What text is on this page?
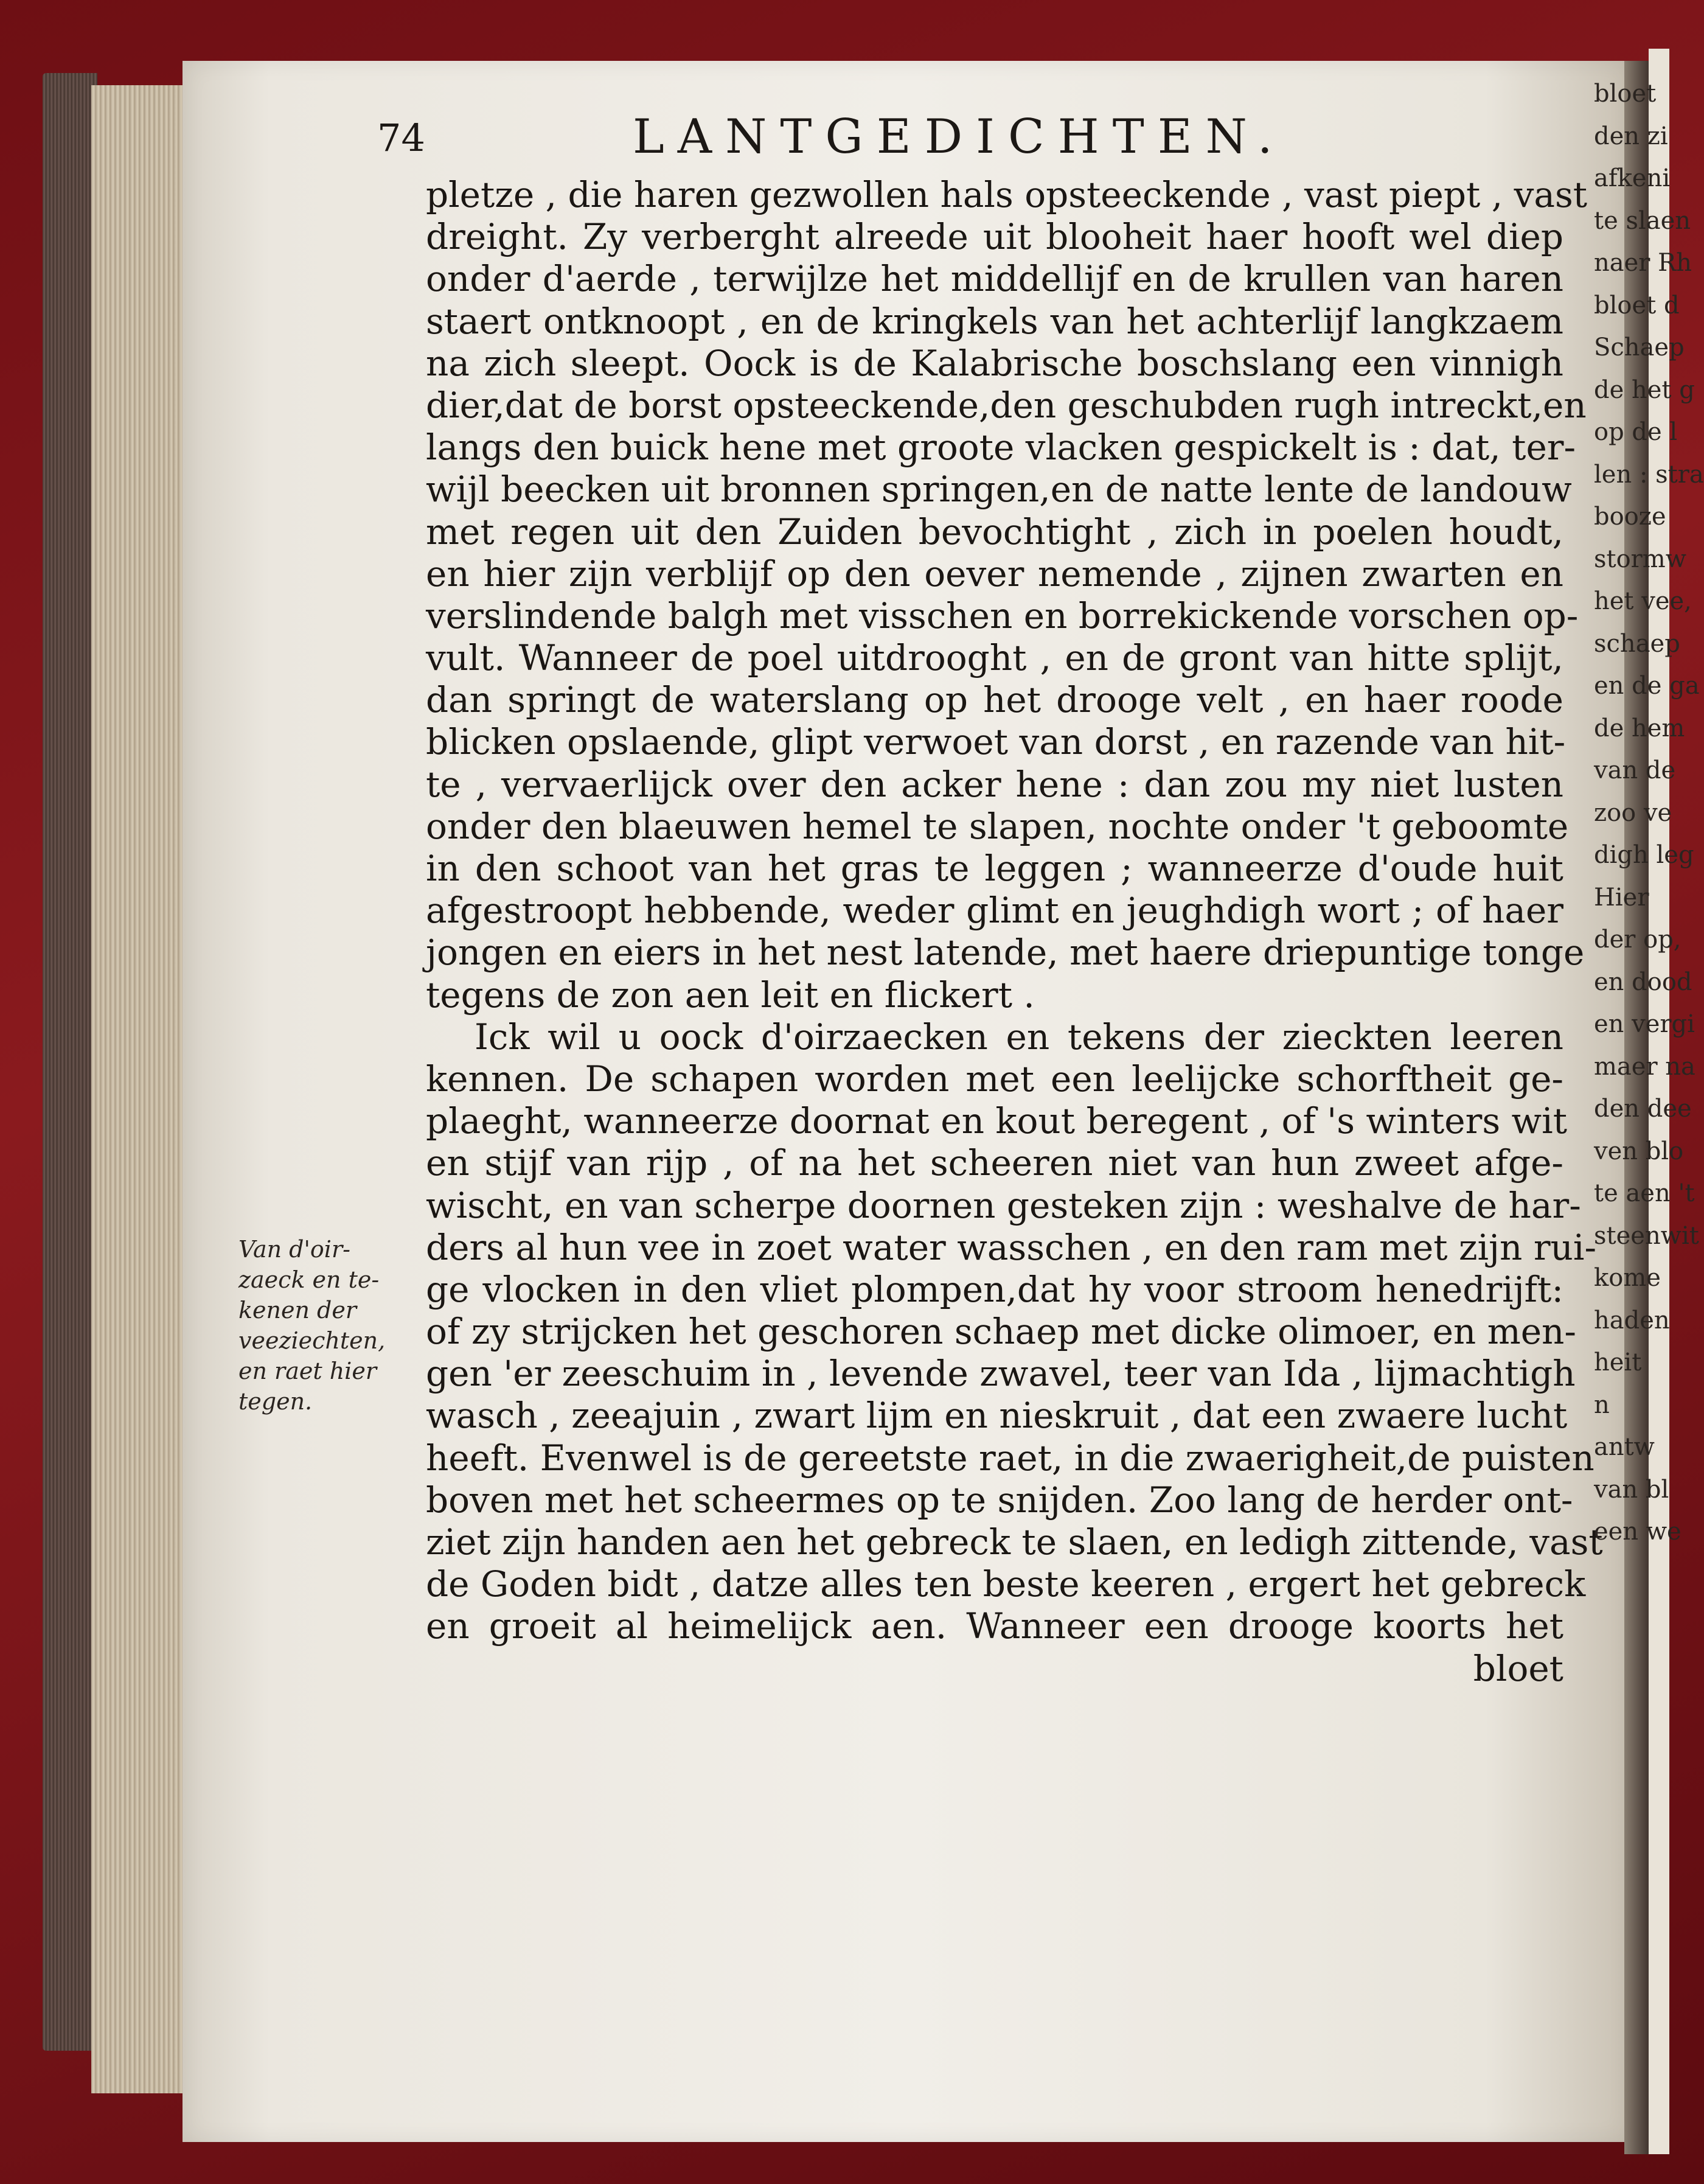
74	LANTGEDICHTEN.
Van d'oir-
zaeck en te-
kenen der
veeziechten,
en raet hier
tegen.
pletze , die haren gezwollen hals opsteeckende , vast piept , vast
dreight. Zy verberght alreede uit blooheit haer hooft wel diep
onder d'aerde , terwijlze het middellijf en de krullen van haren
staert ontknoopt , en de kringkels van het achterlijf langkzaem
na zich sleept. Oock is de Kalabrische boschslang een vinnigh
dier,dat de borst opsteeckende,den geschubden rugh intreckt,en
langs den buick hene met groote vlacken gespickelt is : dat, ter-
wijl beecken uit bronnen springen,en de natte lente de landouw
met regen uit den Zuiden bevochtight , zich in poelen houdt,
en hier zijn verblijf op den oever nemende , zijnen zwarten en
verslindende balgh met visschen en borrekickende vorschen op-
vult. Wanneer de poel uitdrooght , en de gront van hitte splijt,
dan springt de waterslang op het drooge velt , en haer roode
blicken opslaende, glipt verwoet van dorst , en razende van hit-
te , vervaerlijck over den acker hene : dan zou my niet lusten
onder den blaeuwen hemel te slapen, nochte onder 't geboomte
in den schoot van het gras te leggen ; wanneerze d'oude huit
afgestroopt hebbende, weder glimt en jeughdigh wort ; of haer
jongen en eiers in het nest latende, met haere driepuntige tonge
tegens de zon aen leit en flickert .
Ick wil u oock d'oirzaecken en tekens der zieckten leeren
kennen. De schapen worden met een leelijcke schorftheit ge-
plaeght, wanneerze doornat en kout beregent , of 's winters wit
en stijf van rijp , of na het scheeren niet van hun zweet afge-
wischt, en van scherpe doornen gesteken zijn : weshalve de har-
ders al hun vee in zoet water wasschen , en den ram met zijn rui-
ge vlocken in den vliet plompen,dat hy voor stroom henedrijft:
of zy strijcken het geschoren schaep met dicke olimoer, en men-
gen 'er zeeschuim in , levende zwavel, teer van Ida , lijmachtigh
wasch , zeeajuin , zwart lijm en nieskruit , dat een zwaere lucht
heeft. Evenwel is de gereetste raet, in die zwaerigheit,de puisten
boven met het scheermes op te snijden. Zoo lang de herder ont-
ziet zijn handen aen het gebreck te slaen, en ledigh zittende, vast
de Goden bidt , datze alles ten beste keeren , ergert het gebreck
en groeit al heimelijck aen. Wanneer een drooge koorts het
bloet
bloet
den zi
afkeni
te slaen
naer Rh
bloet d
Schaep
de het g
op de l
len : stra
booze
stormw
het vee,
schaep
en de ga
de hem
van de
zoo ve
digh leg
Hier
der op,
en dood
en vergi
maer na
den dee
ven blo
te aen 't
steenwit
kome
haden
heit
n
antw
van bl
een we
